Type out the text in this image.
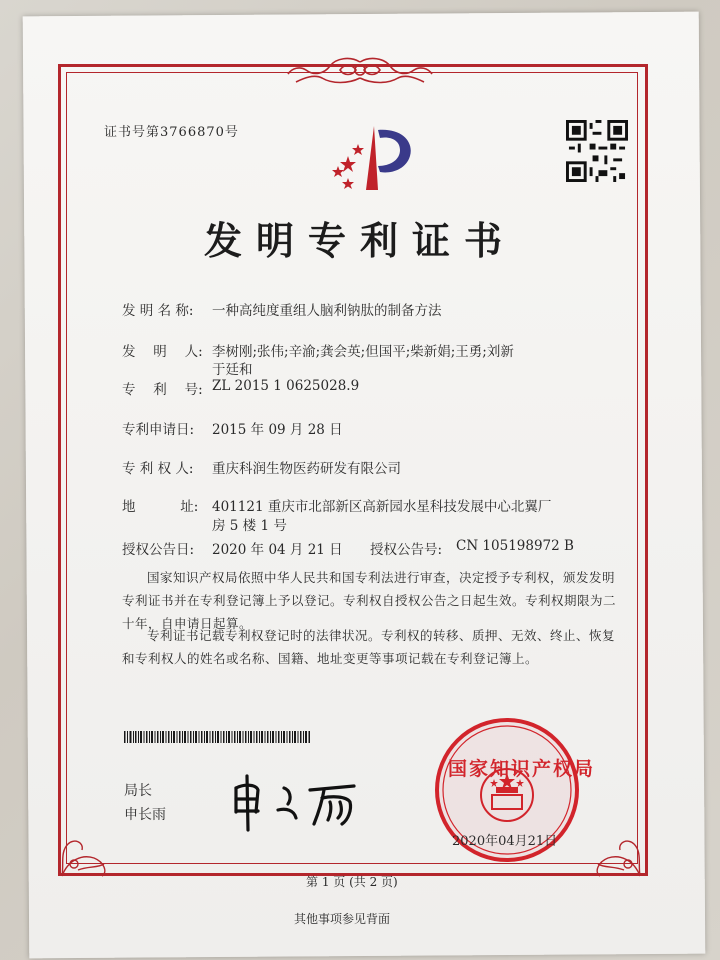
证书号第3766870号
发明专利证书
发 明 名 称: 一种高纯度重组人脑利钠肽的制备方法
发　 明　 人: 李树刚;张伟;辛渝;龚会英;但国平;柴新娟;王勇;刘新
于廷和
专　 利　 号: ZL 2015 1 0625028.9
专利申请日: 2015 年 09 月 28 日
专 利 权 人: 重庆科润生物医药研发有限公司
地　　　 址: 401121 重庆市北部新区高新园水星科技发展中心北翼厂
房 5 楼 1 号
授权公告日: 2020 年 04 月 21 日 授权公告号: CN 105198972 B
国家知识产权局依照中华人民共和国专利法进行审查，决定授予专利权，颁发发明专利证书并在专利登记簿上予以登记。专利权自授权公告之日起生效。专利权期限为二十年，自申请日起算。
专利证书记载专利权登记时的法律状况。专利权的转移、质押、无效、终止、恢复和专利权人的姓名或名称、国籍、地址变更等事项记载在专利登记簿上。
局长
申长雨
国家知识产权局
2020年04月21日
第 1 页 (共 2 页)
其他事项参见背面
